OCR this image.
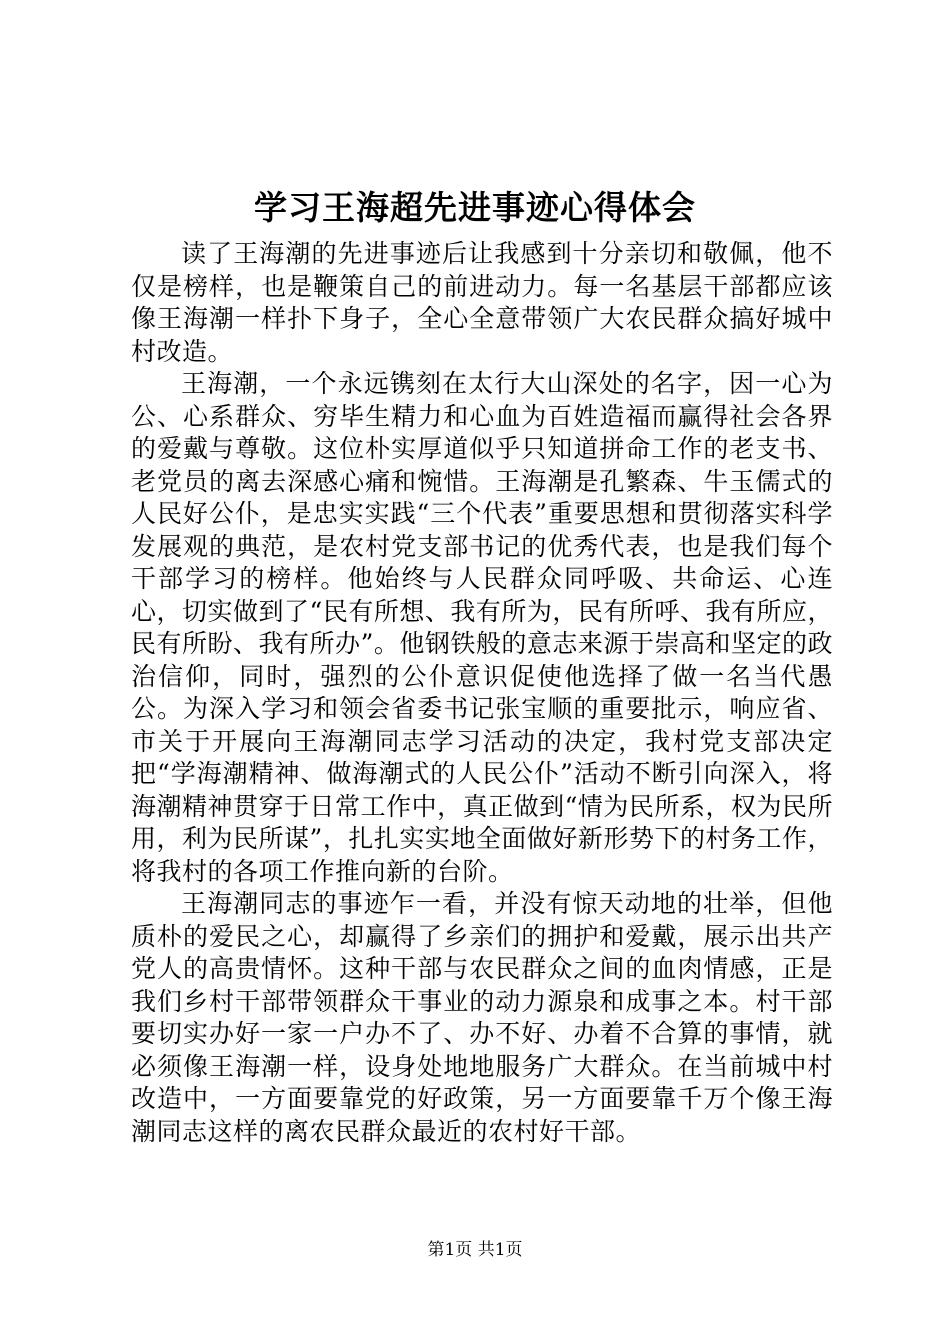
学习王海超先进事迹心得体会

读了王海潮的先进事迹后让我感到十分亲切和敬佩，他不仅是榜样，也是鞭策自己的前进动力。每一名基层干部都应该像王海潮一样扑下身子，全心全意带领广大农民群众搞好城中村改造。

王海潮，一个永远镌刻在太行大山深处的名字，因一心为公、心系群众、穷毕生精力和心血为百姓造福而赢得社会各界的爱戴与尊敬。这位朴实厚道似乎只知道拼命工作的老支书、老党员的离去深感心痛和惋惜。王海潮是孔繁森、牛玉儒式的人民好公仆，是忠实实践“三个代表”重要思想和贯彻落实科学发展观的典范，是农村党支部书记的优秀代表，也是我们每个干部学习的榜样。他始终与人民群众同呼吸、共命运、心连心，切实做到了“民有所想、我有所为，民有所呼、我有所应，民有所盼、我有所办”。他钢铁般的意志来源于崇高和坚定的政治信仰，同时，强烈的公仆意识促使他选择了做一名当代愚公。为深入学习和领会省委书记张宝顺的重要批示，响应省、市关于开展向王海潮同志学习活动的决定，我村党支部决定把“学海潮精神、做海潮式的人民公仆”活动不断引向深入，将海潮精神贯穿于日常工作中，真正做到“情为民所系，权为民所用，利为民所谋”，扎扎实实地全面做好新形势下的村务工作，将我村的各项工作推向新的台阶。

王海潮同志的事迹乍一看，并没有惊天动地的壮举，但他质朴的爱民之心，却赢得了乡亲们的拥护和爱戴，展示出共产党人的高贵情怀。这种干部与农民群众之间的血肉情感，正是我们乡村干部带领群众干事业的动力源泉和成事之本。村干部要切实办好一家一户办不了、办不好、办着不合算的事情，就必须像王海潮一样，设身处地地服务广大群众。在当前城中村改造中，一方面要靠党的好政策，另一方面要靠千万个像王海潮同志这样的离农民群众最近的农村好干部。

第1页 共1页
